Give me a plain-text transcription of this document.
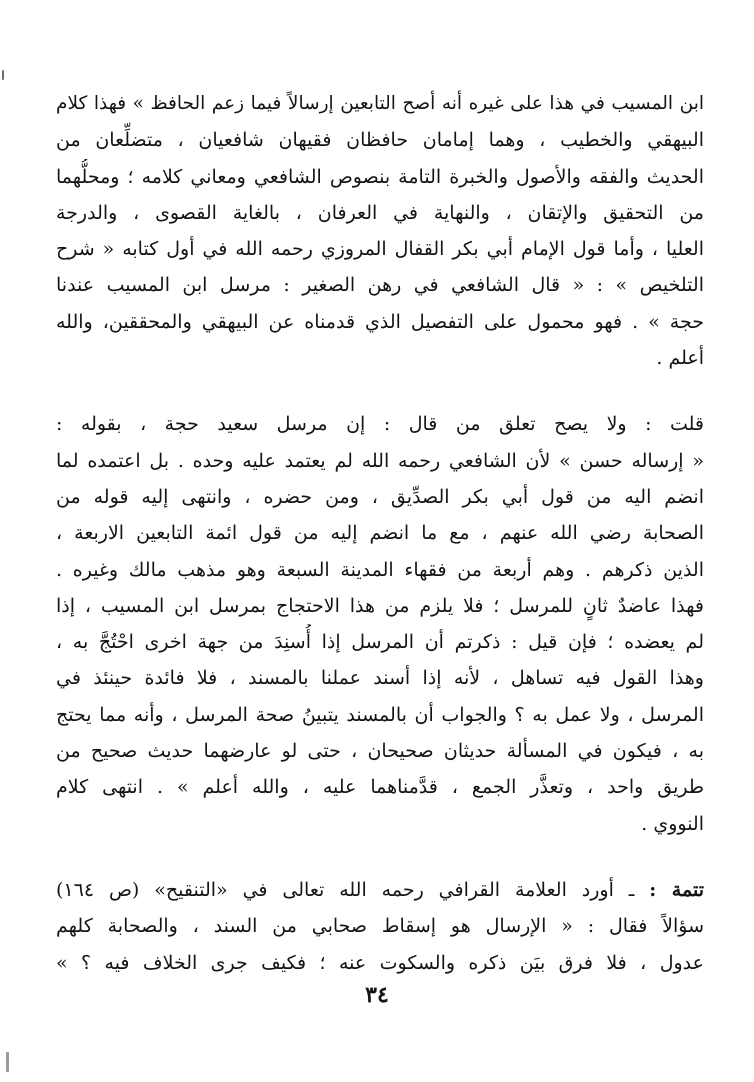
ابن المسيب في هذا على غيره أنه أصح التابعين إرسالاً فيما زعم الحافظ » فهذا كلام
البيهقي والخطيب ، وهما إمامان حافظان فقيهان شافعيان ، متضلِّعان من
الحديث والفقه والأصول والخبرة التامة بنصوص الشافعي ومعاني كلامه ؛ ومحلُّهما
من التحقيق والإتقان ، والنهاية في العرفان ، بالغاية القصوى ، والدرجة
العليا ، وأما قول الإمام أبي بكر القفال المروزي رحمه الله في أول كتابه « شرح
التلخيص » : « قال الشافعي في رهن الصغير : مرسل ابن المسيب عندنا
حجة » . فهو محمول على التفصيل الذي قدمناه عن البيهقي والمحققين، والله
أعلم .
قلت : ولا يصح تعلق من قال : إن مرسل سعيد حجة ، بقوله :
« إرساله حسن » لأن الشافعي رحمه الله لم يعتمد عليه وحده . بل اعتمده لما
انضم اليه من قول أبي بكر الصدِّيق ، ومن حضره ، وانتهى إليه قوله من
الصحابة رضي الله عنهم ، مع ما انضم إليه من قول ائمة التابعين الاربعة ،
الذين ذكرهم . وهم أربعة من فقهاء المدينة السبعة وهو مذهب مالك وغيره .
فهذا عاضدٌ ثانٍ للمرسل ؛ فلا يلزم من هذا الاحتجاج بمرسل ابن المسيب ، إذا
لم يعضده ؛ فإن قيل : ذكرتم أن المرسل إذا أُسنِدَ من جهة اخرى احْتُجَّ به ،
وهذا القول فيه تساهل ، لأنه إذا أسند عملنا بالمسند ، فلا فائدة حينئذ في
المرسل ، ولا عمل به ؟ والجواب أن بالمسند يتبينُ صحة المرسل ، وأنه مما يحتج
به ، فيكون في المسألة حديثان صحيحان ، حتى لو عارضهما حديث صحيح من
طريق واحد ، وتعذَّر الجمع ، قدَّمناهما عليه ، والله أعلم » . انتهى كلام
النووي .
تتمة : ـ أورد العلامة القرافي رحمه الله تعالى في «التنقيح» (ص ١٦٤)
سؤالاً فقال : « الإرسال هو إسقاط صحابي من السند ، والصحابة كلهم
عدول ، فلا فرق بيَن ذكره والسكوت عنه ؛ فكيف جرى الخلاف فيه ؟ »
٣٤
